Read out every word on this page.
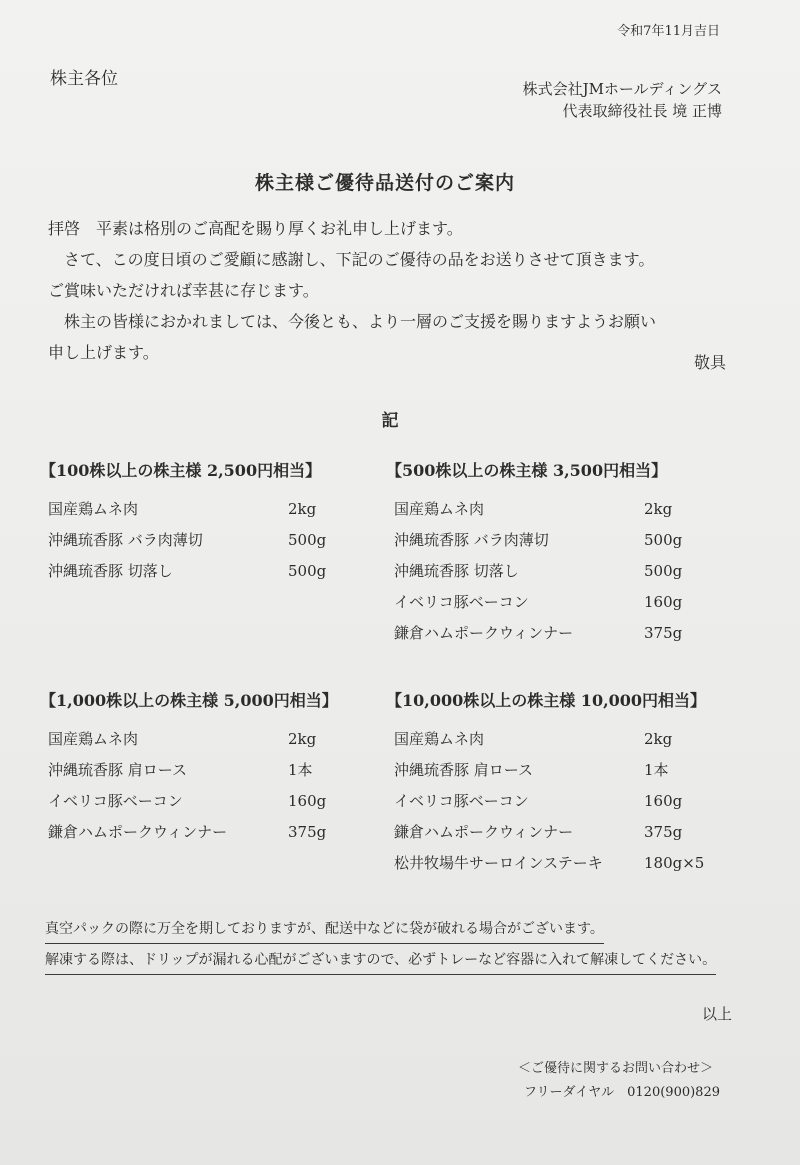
令和7年11月吉日
株主各位	株式会社JMホールディングス
代表取締役社長 境 正博
株主様ご優待品送付のご案内

拝啓　平素は格別のご高配を賜り厚くお礼申し上げます。

　さて、この度日頃のご愛顧に感謝し、下記のご優待の品をお送りさせて頂きます。

ご賞味いただければ幸甚に存じます。

　株主の皆様におかれましては、今後とも、より一層のご支援を賜りますようお願い

申し上げます。

敬具
記
【100株以上の株主様 2,500円相当】
国産鶏ムネ肉	2kg
沖縄琉香豚 バラ肉薄切	500g
沖縄琉香豚 切落し	500g
【500株以上の株主様 3,500円相当】
国産鶏ムネ肉	2kg
沖縄琉香豚 バラ肉薄切	500g
沖縄琉香豚 切落し	500g
イベリコ豚ベーコン	160g
鎌倉ハムポークウィンナー	375g
【1,000株以上の株主様 5,000円相当】
国産鶏ムネ肉	2kg
沖縄琉香豚 肩ロース	1本
イベリコ豚ベーコン	160g
鎌倉ハムポークウィンナー	375g
【10,000株以上の株主様 10,000円相当】
国産鶏ムネ肉	2kg
沖縄琉香豚 肩ロース	1本
イベリコ豚ベーコン	160g
鎌倉ハムポークウィンナー	375g
松井牧場牛サーロインステーキ	180g×5
真空パックの際に万全を期しておりますが、配送中などに袋が破れる場合がございます。
解凍する際は、ドリップが漏れる心配がございますので、必ずトレーなど容器に入れて解凍してください。
以上
＜ご優待に関するお問い合わせ＞
フリーダイヤル　0120(900)829
